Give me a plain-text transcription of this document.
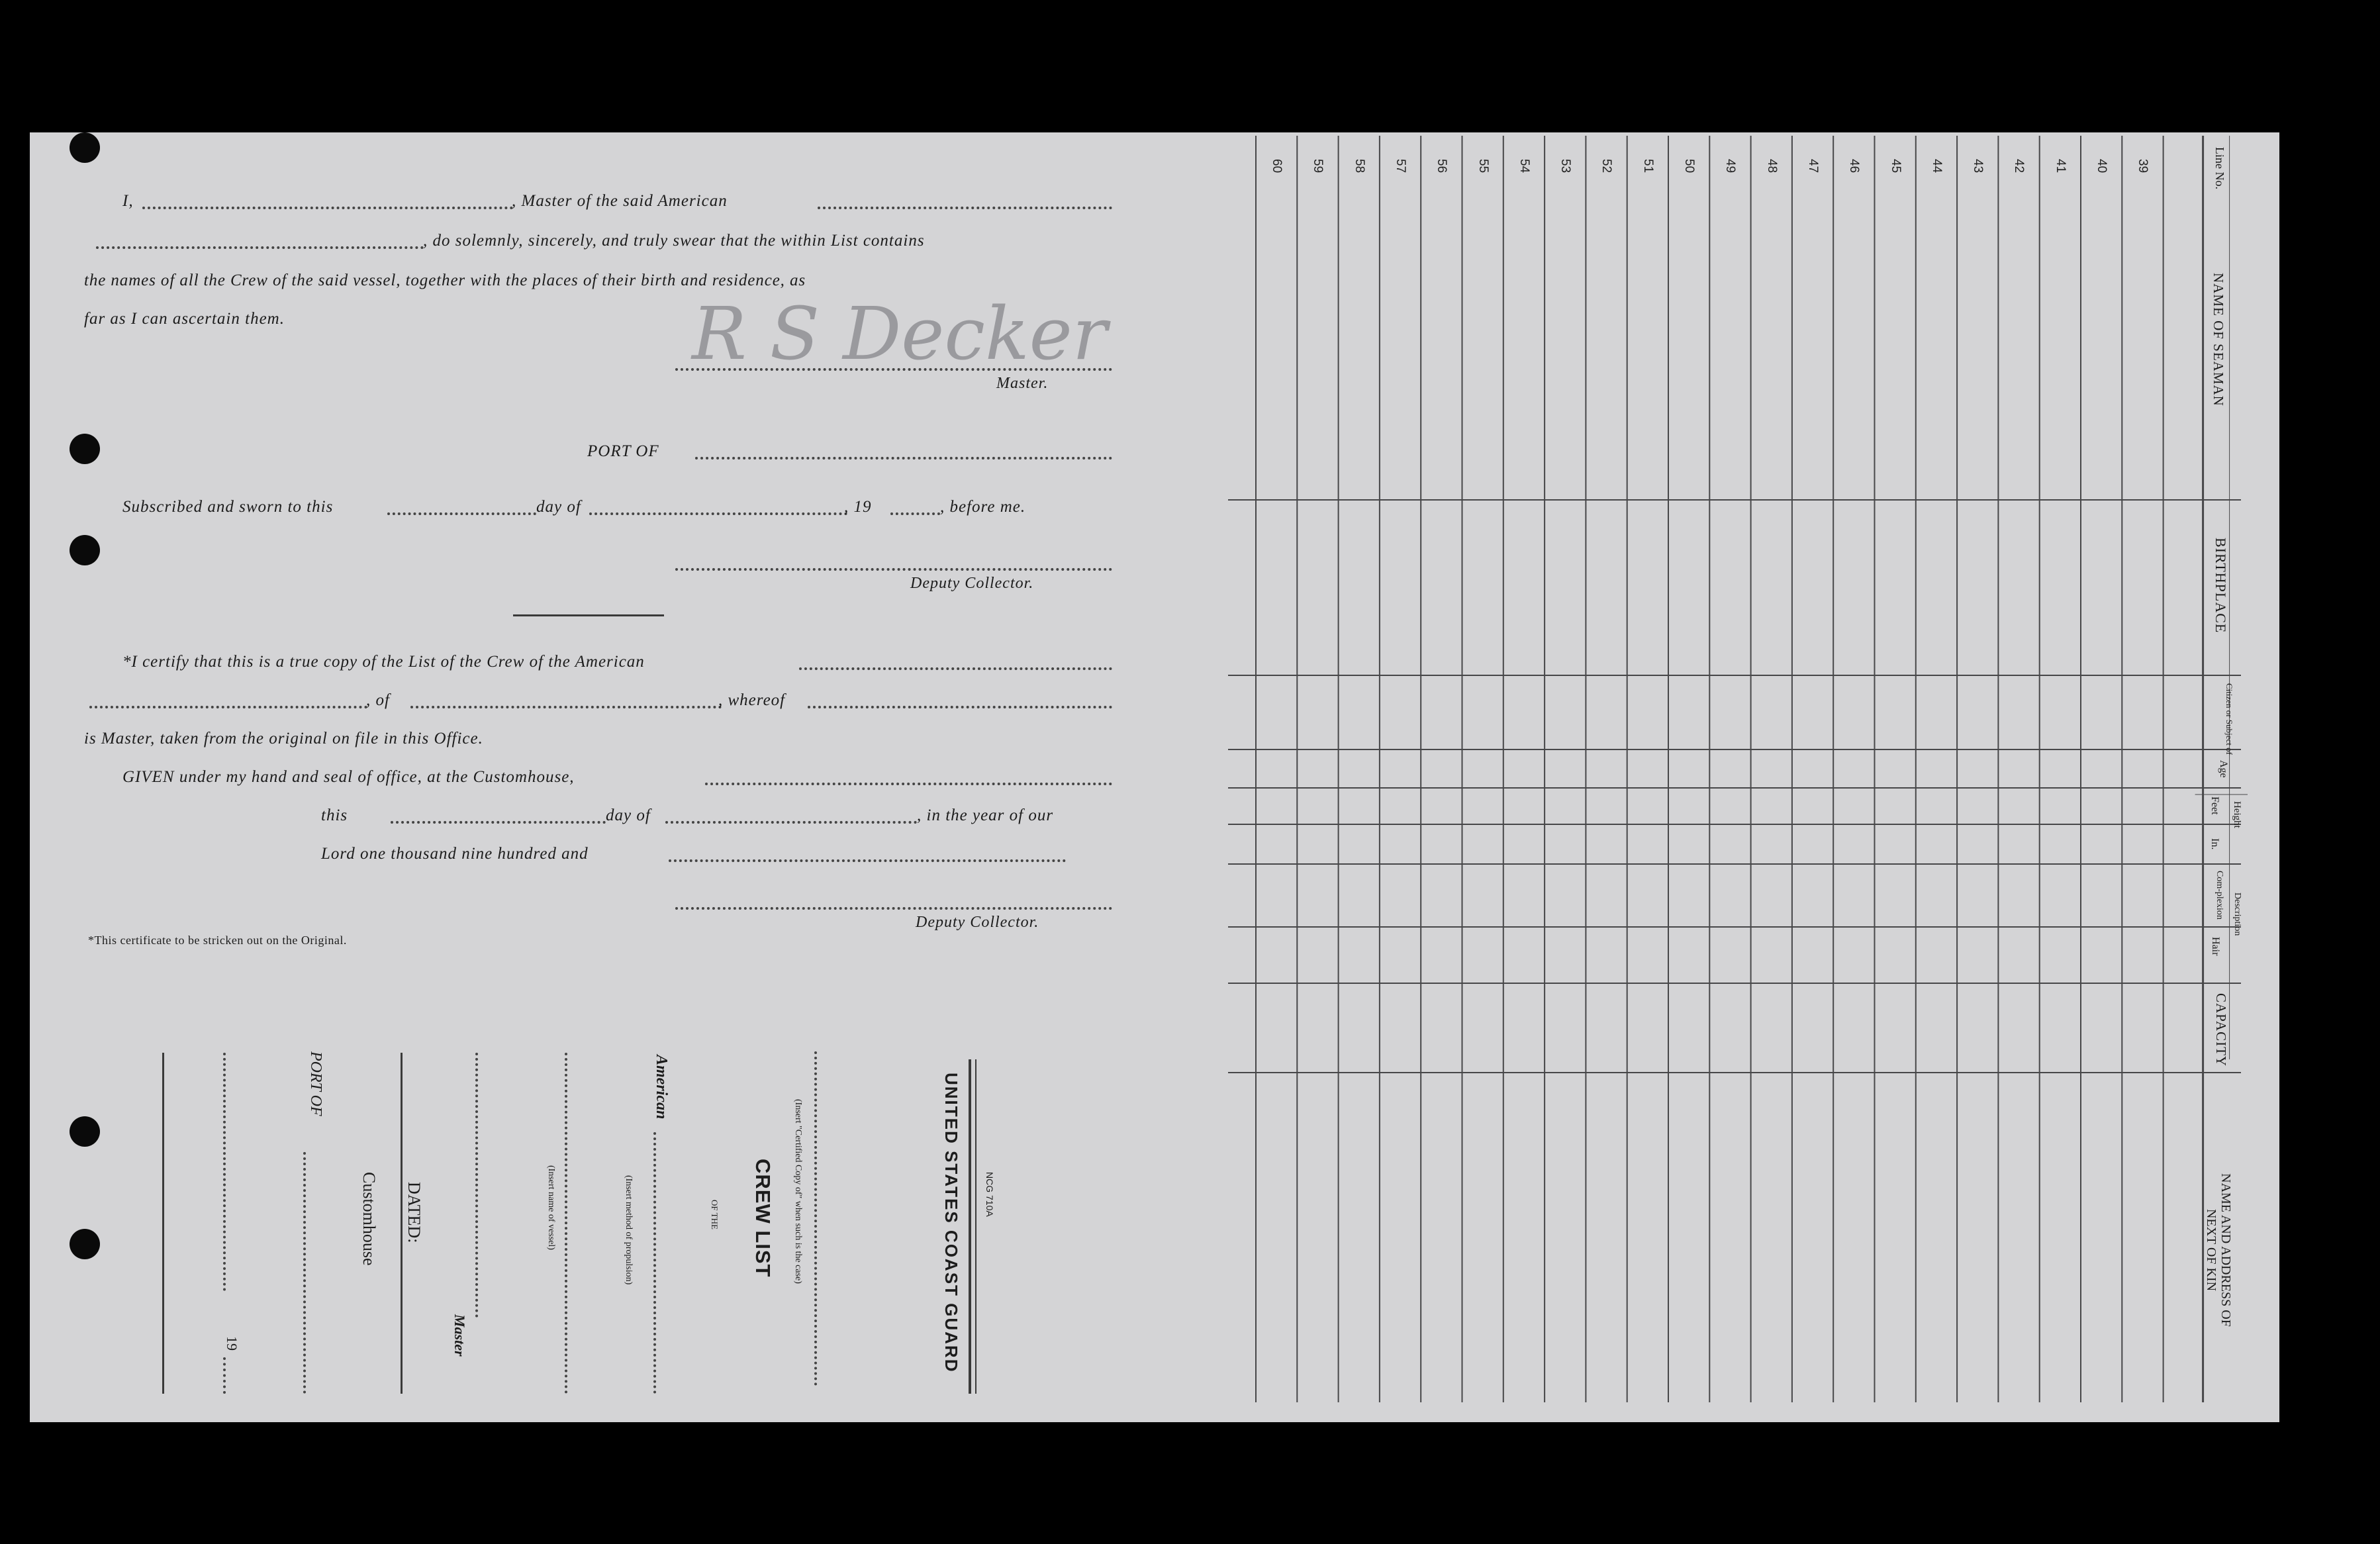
I,	, Master of the said American
, do solemnly, sincerely, and truly swear that the within List contains
the names of all the Crew of the said vessel, together with the places of their birth and residence, as
far as I can ascertain them.	R S Decker
Master.
PORT OF
Subscribed and sworn to this	day of	, 19	, before me.
Deputy Collector.
*I certify that this is a true copy of the List of the Crew of the American
, of	, whereof
is Master, taken from the original on file in this Office.
GIVEN under my hand and seal of office, at the Customhouse,
this	day of	, in the year of our
Lord one thousand nine hundred and
Deputy Collector.
*This certificate to be stricken out on the Original.
UNITED STATES COAST GUARD	NCG 710A
(Insert "Certified Copy of" when such is the case)
CREW LIST
OF THE
American
(Insert method of propulsion)
(Insert name of vessel)
Master
DATED:
Customhouse
PORT OF
19
Line No.
NAME OF SEAMAN
BIRTHPLACE
Citizen or Subject of
Age
Height
Feet
In.
Description
Com-plexion
Hair
CAPACITY
NAME AND ADDRESS OF NEXT OF KIN
60 59 58 57 56 55 54 53 52 51 50 49 48 47 46 45 44 43 42 41 40 39
